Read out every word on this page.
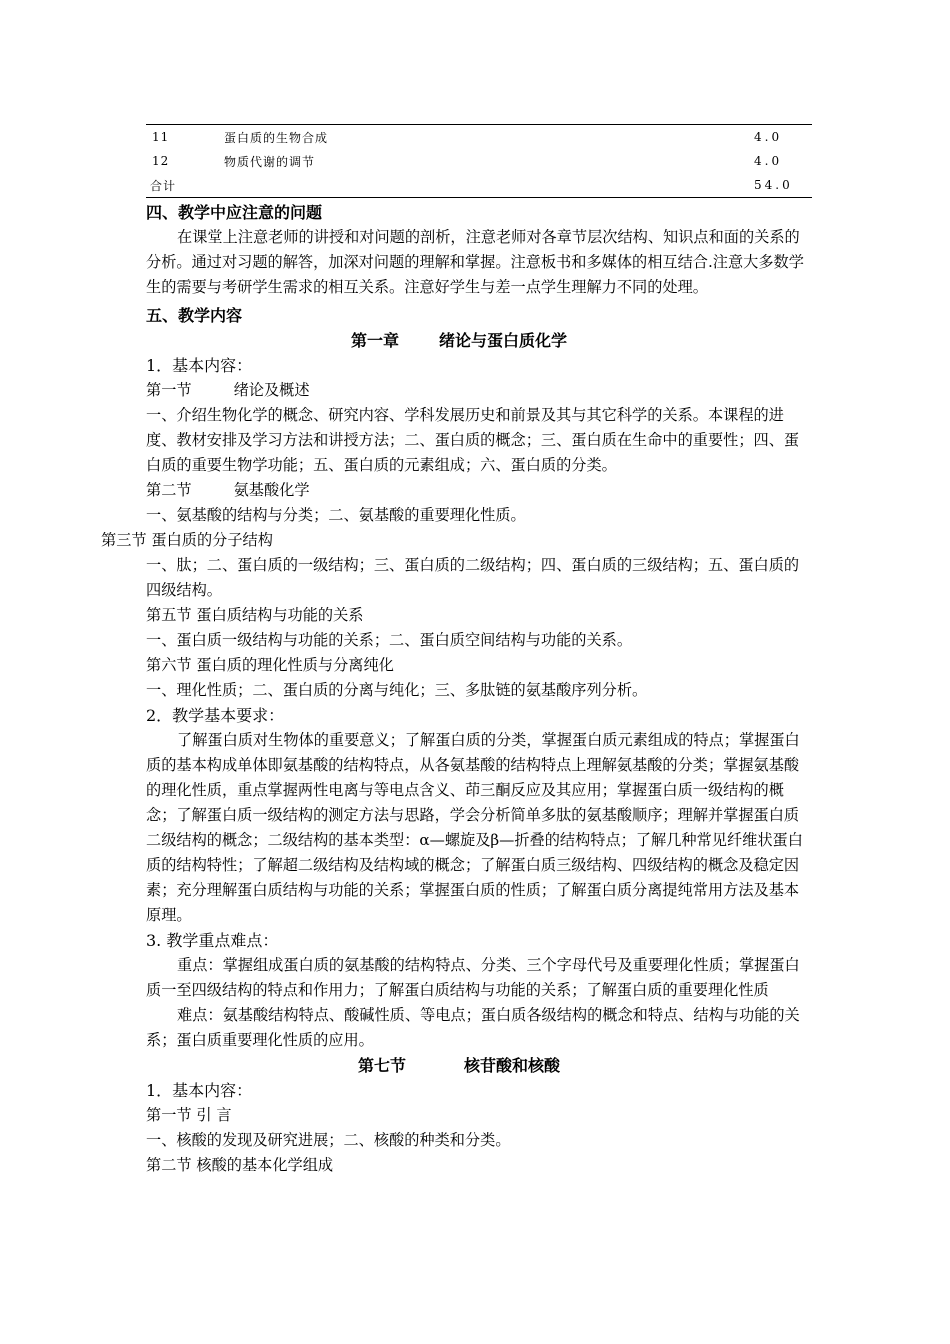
11	蛋白质的生物合成	4.0
12	物质代谢的调节	4.0
合计		54.0

四、教学中应注意的问题

在课堂上注意老师的讲授和对问题的剖析，注意老师对各章节层次结构、知识点和面的关系的分析。通过对习题的解答，加深对问题的理解和掌握。注意板书和多媒体的相互结合.注意大多数学生的需要与考研学生需求的相互关系。注意好学生与差一点学生理解力不同的处理。

五、教学内容

第一章	绪论与蛋白质化学

1．基本内容：

第一节	绪论及概述

一、介绍生物化学的概念、研究内容、学科发展历史和前景及其与其它科学的关系。本课程的进度、教材安排及学习方法和讲授方法；二、蛋白质的概念；三、蛋白质在生命中的重要性；四、蛋白质的重要生物学功能；五、蛋白质的元素组成；六、蛋白质的分类。

第二节	氨基酸化学

一、氨基酸的结构与分类；二、氨基酸的重要理化性质。

第三节 蛋白质的分子结构

一、肽；二、蛋白质的一级结构；三、蛋白质的二级结构；四、蛋白质的三级结构；五、蛋白质的四级结构。

第五节 蛋白质结构与功能的关系

一、蛋白质一级结构与功能的关系；二、蛋白质空间结构与功能的关系。

第六节 蛋白质的理化性质与分离纯化

一、理化性质；二、蛋白质的分离与纯化；三、多肽链的氨基酸序列分析。

2．教学基本要求：

了解蛋白质对生物体的重要意义；了解蛋白质的分类，掌握蛋白质元素组成的特点；掌握蛋白质的基本构成单体即氨基酸的结构特点，从各氨基酸的结构特点上理解氨基酸的分类；掌握氨基酸的理化性质，重点掌握两性电离与等电点含义、茚三酮反应及其应用；掌握蛋白质一级结构的概念；了解蛋白质一级结构的测定方法与思路，学会分析简单多肽的氨基酸顺序；理解并掌握蛋白质二级结构的概念；二级结构的基本类型：α—螺旋及β—折叠的结构特点；了解几种常见纤维状蛋白质的结构特性；了解超二级结构及结构域的概念；了解蛋白质三级结构、四级结构的概念及稳定因素；充分理解蛋白质结构与功能的关系；掌握蛋白质的性质；了解蛋白质分离提纯常用方法及基本原理。

3. 教学重点难点：

重点：掌握组成蛋白质的氨基酸的结构特点、分类、三个字母代号及重要理化性质；掌握蛋白质一至四级结构的特点和作用力；了解蛋白质结构与功能的关系；了解蛋白质的重要理化性质

难点：氨基酸结构特点、酸碱性质、等电点；蛋白质各级结构的概念和特点、结构与功能的关系；蛋白质重要理化性质的应用。

第七节	核苷酸和核酸

1．基本内容：

第一节 引 言

一、核酸的发现及研究进展；二、核酸的种类和分类。

第二节 核酸的基本化学组成
